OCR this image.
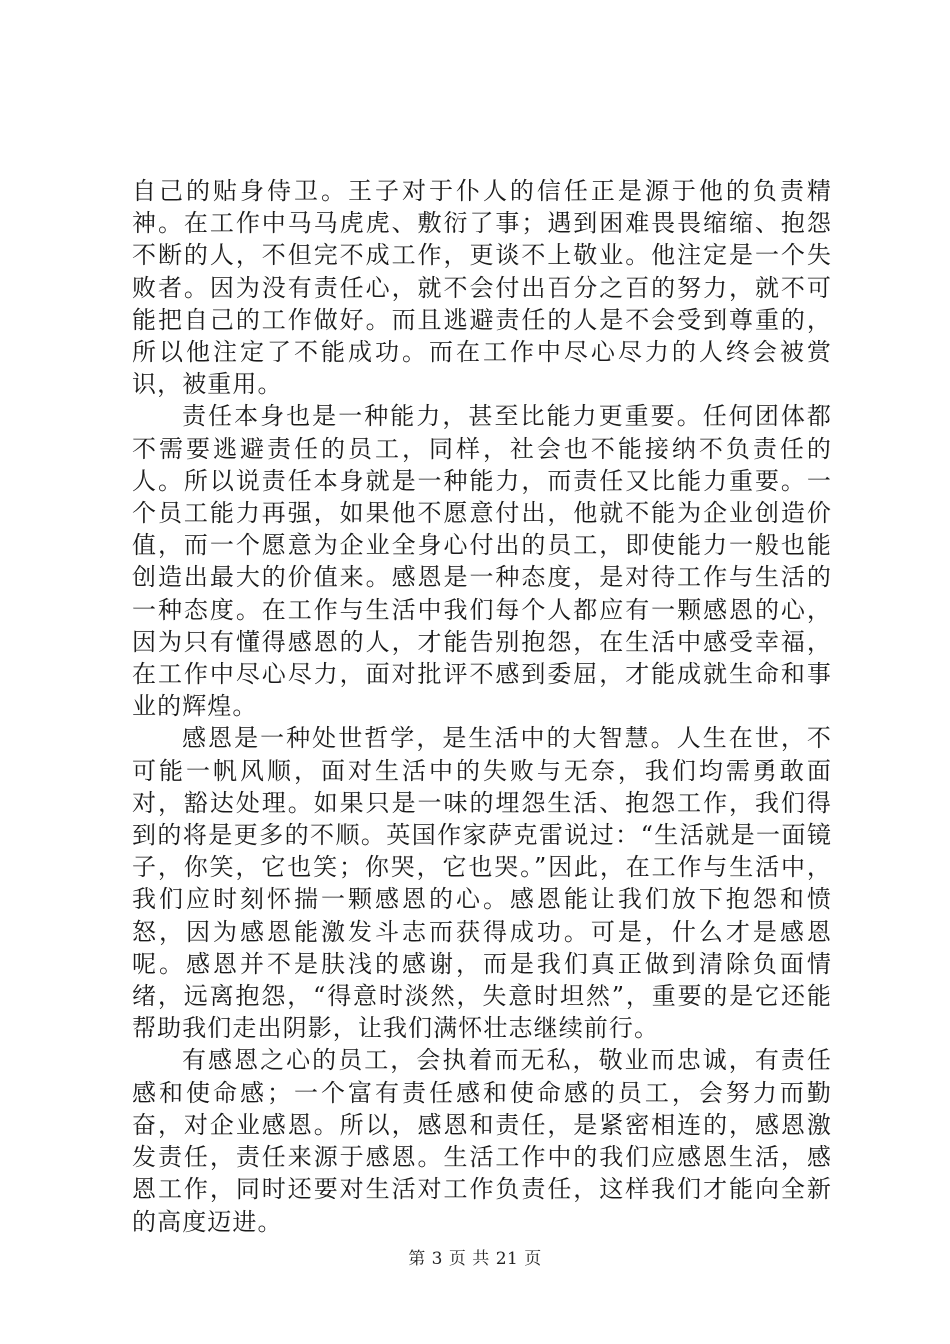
自己的贴身侍卫。王子对于仆人的信任正是源于他的负责精神。在工作中马马虎虎、敷衍了事；遇到困难畏畏缩缩、抱怨不断的人，不但完不成工作，更谈不上敬业。他注定是一个失败者。因为没有责任心，就不会付出百分之百的努力，就不可能把自己的工作做好。而且逃避责任的人是不会受到尊重的，所以他注定了不能成功。而在工作中尽心尽力的人终会被赏识，被重用。

责任本身也是一种能力，甚至比能力更重要。任何团体都不需要逃避责任的员工，同样，社会也不能接纳不负责任的人。所以说责任本身就是一种能力，而责任又比能力重要。一个员工能力再强，如果他不愿意付出，他就不能为企业创造价值，而一个愿意为企业全身心付出的员工，即使能力一般也能创造出最大的价值来。感恩是一种态度，是对待工作与生活的一种态度。在工作与生活中我们每个人都应有一颗感恩的心，因为只有懂得感恩的人，才能告别抱怨，在生活中感受幸福，在工作中尽心尽力，面对批评不感到委屈，才能成就生命和事业的辉煌。

感恩是一种处世哲学，是生活中的大智慧。人生在世，不可能一帆风顺，面对生活中的失败与无奈，我们均需勇敢面对，豁达处理。如果只是一味的埋怨生活、抱怨工作，我们得到的将是更多的不顺。英国作家萨克雷说过：“生活就是一面镜子，你笑，它也笑；你哭，它也哭。”因此，在工作与生活中，我们应时刻怀揣一颗感恩的心。感恩能让我们放下抱怨和愤怒，因为感恩能激发斗志而获得成功。可是，什么才是感恩呢。感恩并不是肤浅的感谢，而是我们真正做到清除负面情绪，远离抱怨，“得意时淡然，失意时坦然”，重要的是它还能帮助我们走出阴影，让我们满怀壮志继续前行。

有感恩之心的员工，会执着而无私，敬业而忠诚，有责任感和使命感；一个富有责任感和使命感的员工，会努力而勤奋，对企业感恩。所以，感恩和责任，是紧密相连的，感恩激发责任，责任来源于感恩。生活工作中的我们应感恩生活，感恩工作，同时还要对生活对工作负责任，这样我们才能向全新的高度迈进。

第 3 页 共 21 页
